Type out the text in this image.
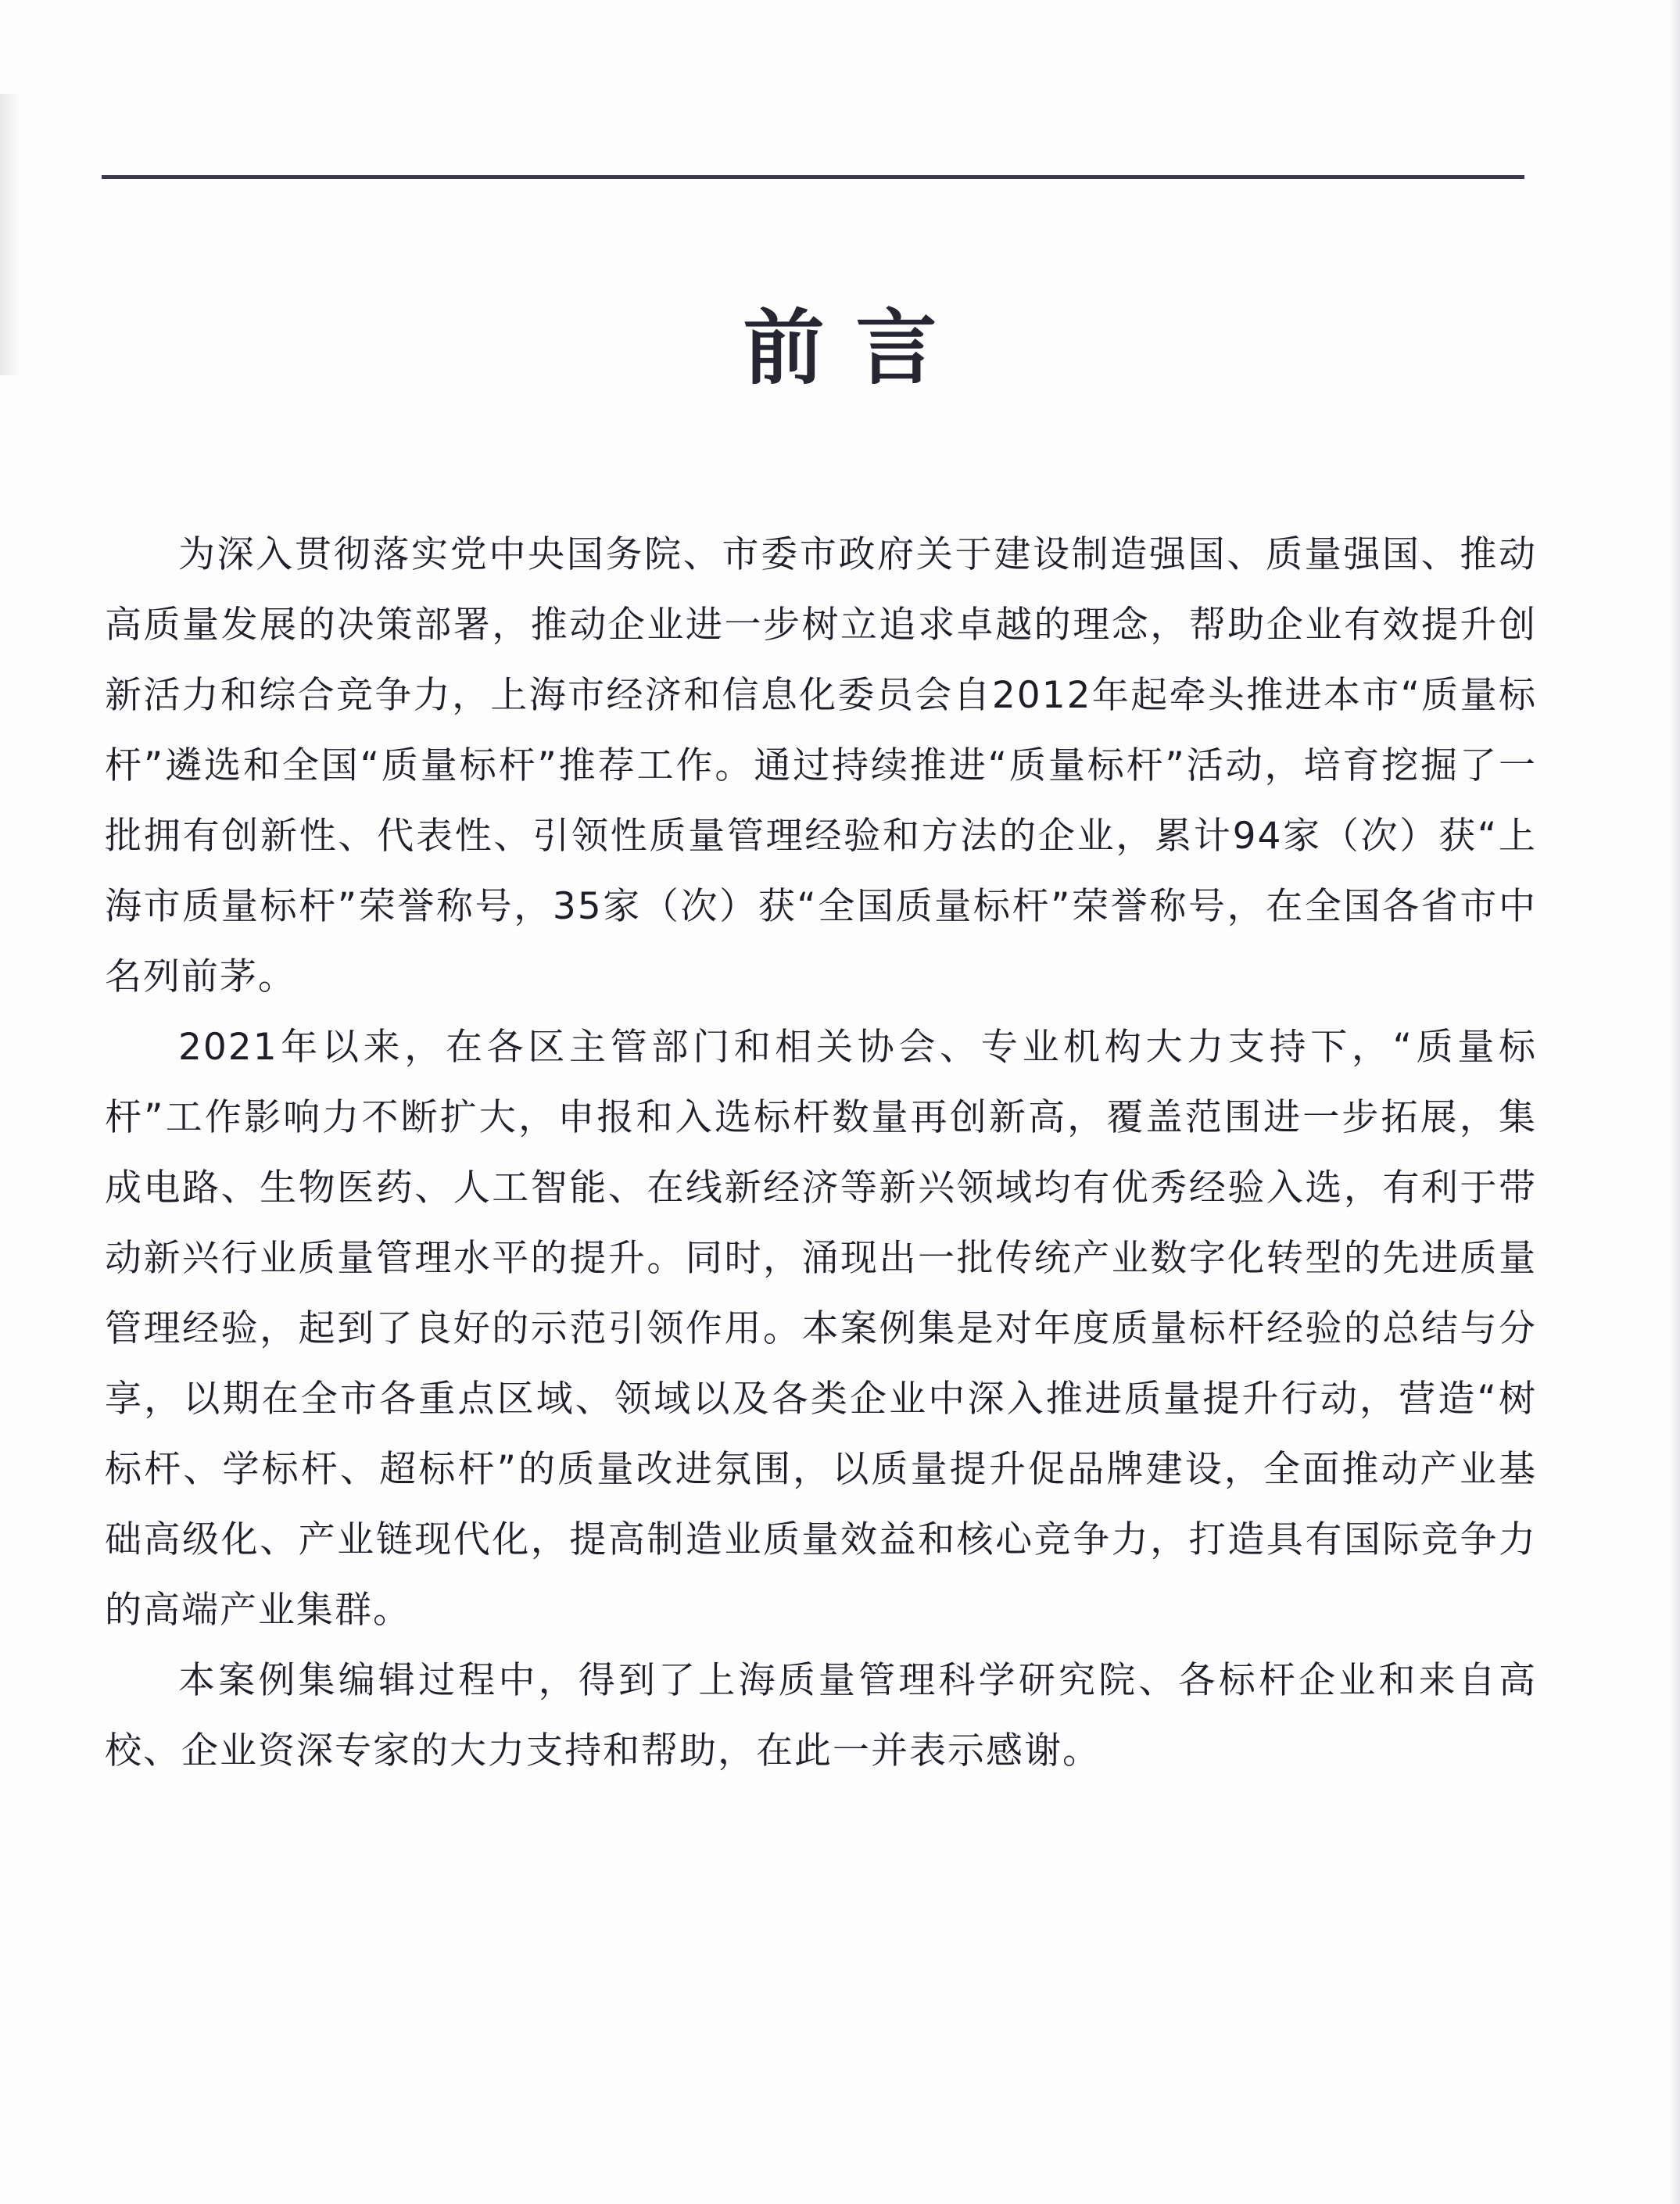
前言

为深入贯彻落实党中央国务院、市委市政府关于建设制造强国、质量强国、推动高质量发展的决策部署，推动企业进一步树立追求卓越的理念，帮助企业有效提升创新活力和综合竞争力，上海市经济和信息化委员会自2012年起牵头推进本市“质量标杆”遴选和全国“质量标杆”推荐工作。通过持续推进“质量标杆”活动，培育挖掘了一批拥有创新性、代表性、引领性质量管理经验和方法的企业，累计94家（次）获“上海市质量标杆”荣誉称号，35家（次）获“全国质量标杆”荣誉称号，在全国各省市中名列前茅。

2021年以来，在各区主管部门和相关协会、专业机构大力支持下，“质量标杆”工作影响力不断扩大，申报和入选标杆数量再创新高，覆盖范围进一步拓展，集成电路、生物医药、人工智能、在线新经济等新兴领域均有优秀经验入选，有利于带动新兴行业质量管理水平的提升。同时，涌现出一批传统产业数字化转型的先进质量管理经验，起到了良好的示范引领作用。本案例集是对年度质量标杆经验的总结与分享，以期在全市各重点区域、领域以及各类企业中深入推进质量提升行动，营造“树标杆、学标杆、超标杆”的质量改进氛围，以质量提升促品牌建设，全面推动产业基础高级化、产业链现代化，提高制造业质量效益和核心竞争力，打造具有国际竞争力的高端产业集群。

本案例集编辑过程中，得到了上海质量管理科学研究院、各标杆企业和来自高校、企业资深专家的大力支持和帮助，在此一并表示感谢。
